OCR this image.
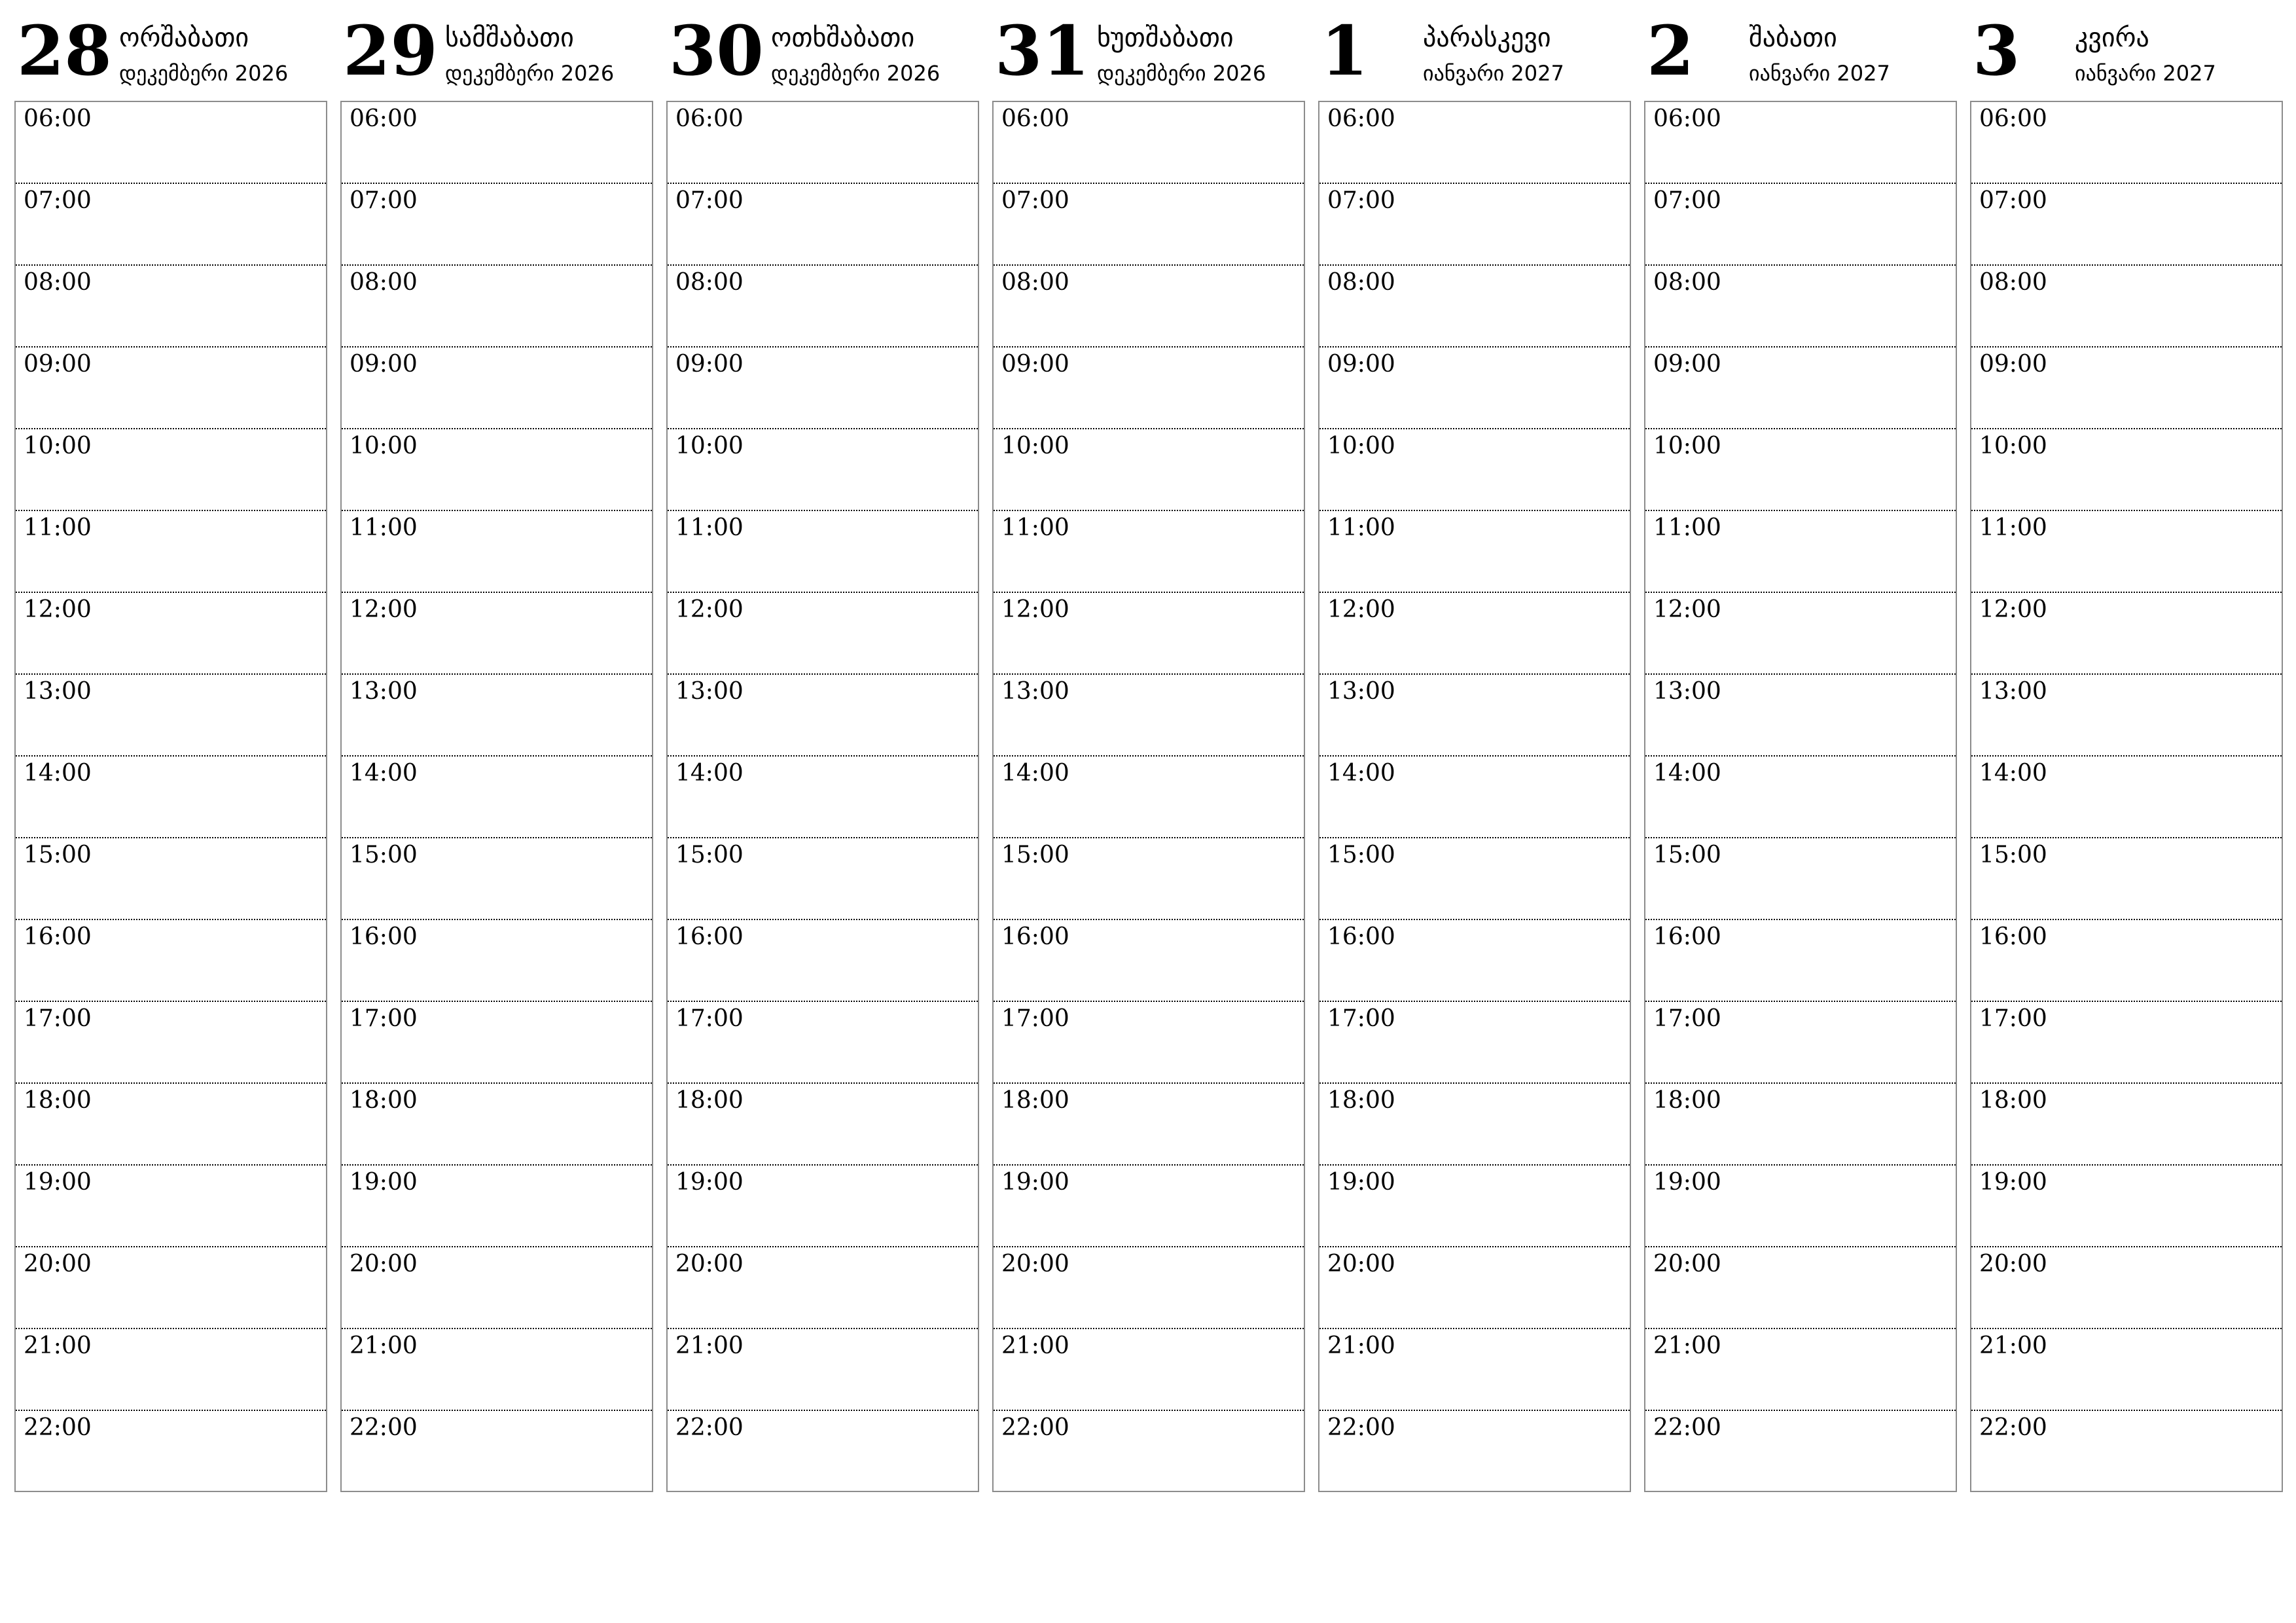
28 ორშაბათი
დეკემბერი 2026
06:00
07:00
08:00
09:00
10:00
11:00
12:00
13:00
14:00
15:00
16:00
17:00
18:00
19:00
20:00
21:00
22:00
29 სამშაბათი
დეკემბერი 2026
06:00
07:00
08:00
09:00
10:00
11:00
12:00
13:00
14:00
15:00
16:00
17:00
18:00
19:00
20:00
21:00
22:00
30 ოთხშაბათი
დეკემბერი 2026
06:00
07:00
08:00
09:00
10:00
11:00
12:00
13:00
14:00
15:00
16:00
17:00
18:00
19:00
20:00
21:00
22:00
31 ხუთშაბათი
დეკემბერი 2026
06:00
07:00
08:00
09:00
10:00
11:00
12:00
13:00
14:00
15:00
16:00
17:00
18:00
19:00
20:00
21:00
22:00
1 პარასკევი
იანვარი 2027
06:00
07:00
08:00
09:00
10:00
11:00
12:00
13:00
14:00
15:00
16:00
17:00
18:00
19:00
20:00
21:00
22:00
2 შაბათი
იანვარი 2027
06:00
07:00
08:00
09:00
10:00
11:00
12:00
13:00
14:00
15:00
16:00
17:00
18:00
19:00
20:00
21:00
22:00
3 კვირა
იანვარი 2027
06:00
07:00
08:00
09:00
10:00
11:00
12:00
13:00
14:00
15:00
16:00
17:00
18:00
19:00
20:00
21:00
22:00
